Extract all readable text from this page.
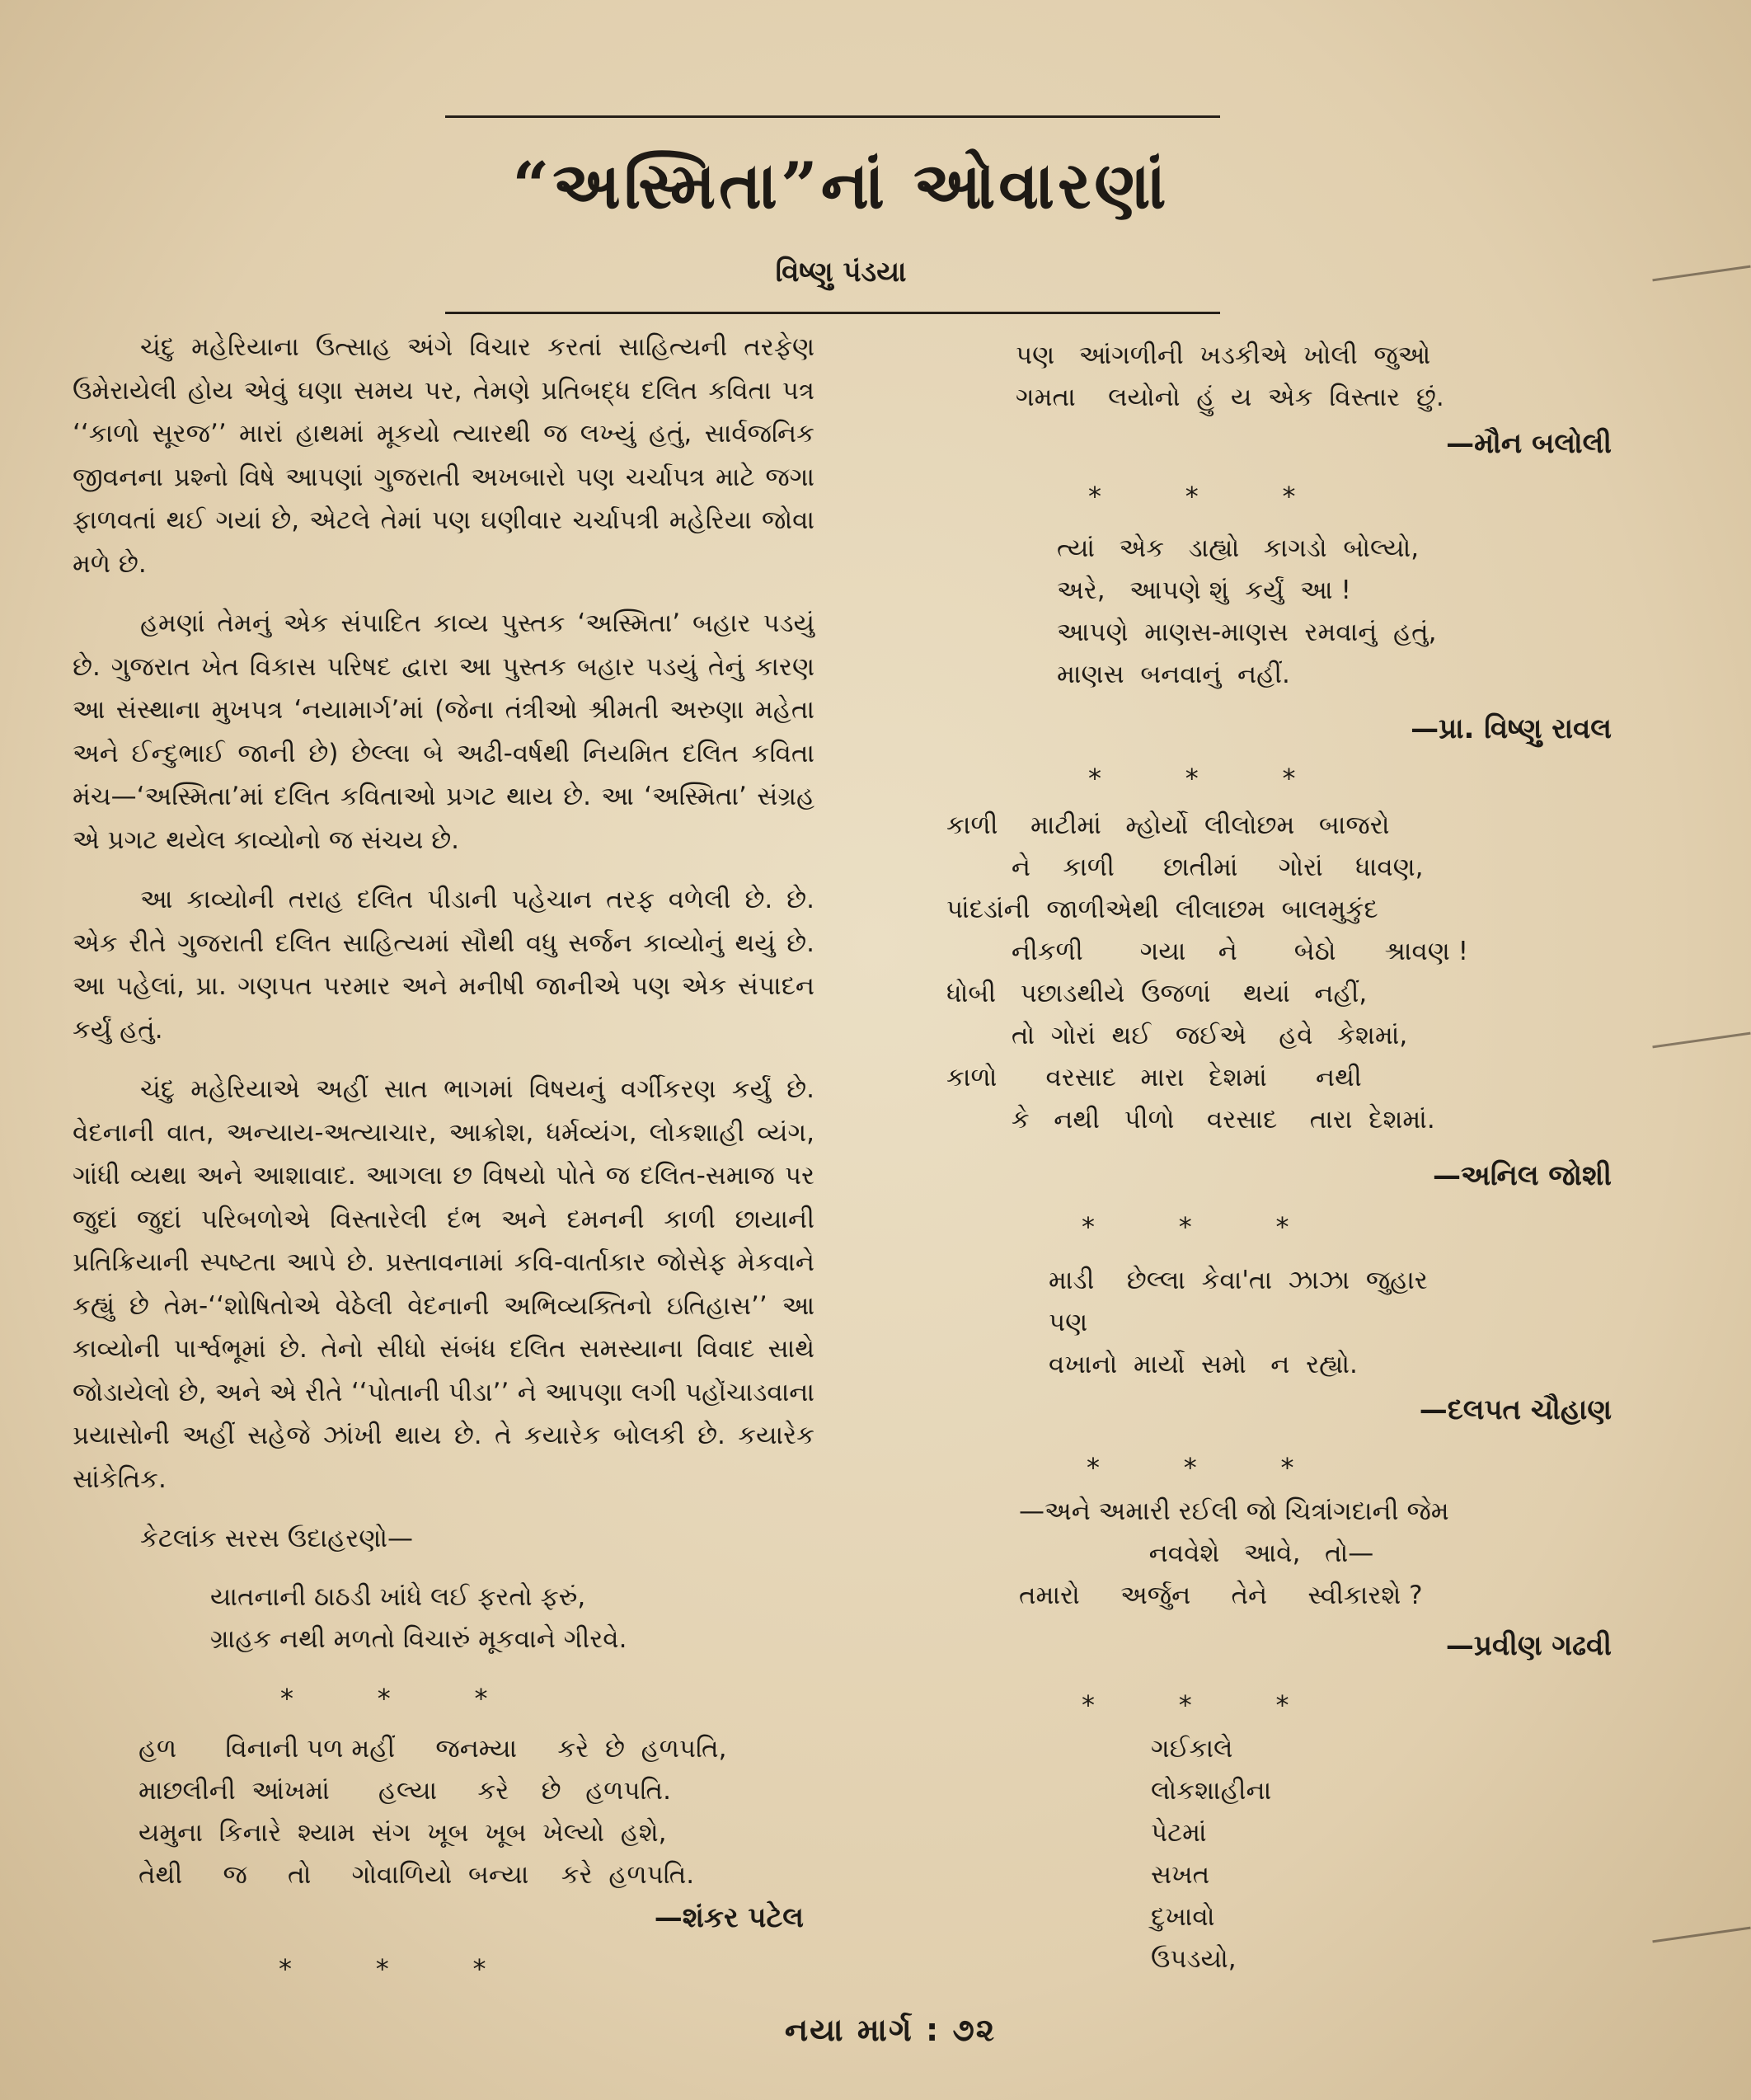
“અસ્મિતા”નાં ઓવારણાં
વિષ્ણુ પંડયા

ચંદુ મહેરિયાના ઉત્સાહ અંગે વિચાર કરતાં સાહિત્યની તરફેણ ઉમેરાયેલી હોય એવું ઘણા સમય પર, તેમણે પ્રતિબદ્ધ દલિત કવિતા પત્ર ‘‘કાળો સૂરજ’’ મારાં હાથમાં મૂકયો ત્યારથી જ લખ્યું હતું, સાર્વજનિક જીવનના પ્રશ્નો વિષે આપણાં ગુજરાતી અખબારો પણ ચર્ચાપત્ર માટે જગા ફાળવતાં થઈ ગયાં છે, એટલે તેમાં પણ ઘણીવાર ચર્ચાપત્રી મહેરિયા જોવા મળે છે.

હમણાં તેમનું એક સંપાદિત કાવ્ય પુસ્તક ‘અસ્મિતા’ બહાર પડયું છે. ગુજરાત ખેત વિકાસ પરિષદ દ્વારા આ પુસ્તક બહાર પડયું તેનું કારણ આ સંસ્થાના મુખપત્ર ‘નયામાર્ગ’માં (જેના તંત્રીઓ શ્રીમતી અરુણા મહેતા અને ઈન્દુભાઈ જાની છે) છેલ્લા બે અઢી-વર્ષથી નિયમિત દલિત કવિતા મંચ—‘અસ્મિતા’માં દલિત કવિતાઓ પ્રગટ થાય છે. આ ‘અસ્મિતા’ સંગ્રહ એ પ્રગટ થયેલ કાવ્યોનો જ સંચય છે.

આ કાવ્યોની તરાહ દલિત પીડાની પહેચાન તરફ વળેલી છે. છે. એક રીતે ગુજરાતી દલિત સાહિત્યમાં સૌથી વધુ સર્જન કાવ્યોનું થયું છે. આ પહેલાં, પ્રા. ગણપત પરમાર અને મનીષી જાનીએ પણ એક સંપાદન કર્યું હતું.

ચંદુ મહેરિયાએ અહીં સાત ભાગમાં વિષયનું વર્ગીકરણ કર્યું છે. વેદનાની વાત, અન્યાય-અત્યાચાર, આક્રોશ, ધર્મવ્યંગ, લોકશાહી વ્યંગ, ગાંધી વ્યથા અને આશાવાદ. આગલા છ વિષયો પોતે જ દલિત-સમાજ પર જુદાં જુદાં પરિબળોએ વિસ્તારેલી દંભ અને દમનની કાળી છાયાની પ્રતિક્રિયાની સ્પષ્ટતા આપે છે. પ્રસ્તાવનામાં કવિ-વાર્તાકાર જોસેફ મેકવાને કહ્યું છે તેમ-‘‘શોષિતોએ વેઠેલી વેદનાની અભિવ્યક્તિનો ઇતિહાસ’’ આ કાવ્યોની પાર્શ્વભૂમાં છે. તેનો સીધો સંબંધ દલિત સમસ્યાના વિવાદ સાથે જોડાયેલો છે, અને એ રીતે ‘‘પોતાની પીડા’’ ને આપણા લગી પહોંચાડવાના પ્રયાસોની અહીં સહેજે ઝાંખી થાય છે. તે કયારેક બોલકી છે. કયારેક સાંકેતિક.

કેટલાંક સરસ ઉદાહરણો—

યાતનાની ઠાઠડી ખાંધે લઈ ફરતો ફરું,
ગ્રાહક નથી મળતો વિચારું મૂકવાને ગીરવે.
*          *          *
હળ      વિનાની પળ મહીં     જનમ્યા     કરે  છે  હળપતિ,
માછલીની  આંખમાં      હલ્યા     કરે    છે   હળપતિ.
યમુના  કિનારે  શ્યામ  સંગ  ખૂબ  ખૂબ  ખેલ્યો  હશે,
તેથી     જ     તો     ગોવાળિયો  બન્યા    કરે  હળપતિ.
—શંકર પટેલ
*          *          *
પણ   આંગળીની  ખડકીએ  ખોલી  જુઓ
ગમતા    લયોનો  હું  ય  એક  વિસ્તાર  છું.
—મૌન બલોલી
*          *          *
ત્યાં   એક   ડાહ્યો   કાગડો  બોલ્યો,
અરે,   આપણે શું  કર્યું  આ !
આપણે  માણસ-માણસ  રમવાનું  હતું,
માણસ  બનવાનું  નહીં.
—પ્રા. વિષ્ણુ રાવલ
*          *          *
કાળી    માટીમાં   મ્હોર્યો  લીલોછમ   બાજરો
ને    કાળી      છાતીમાં     ગોરાં    ધાવણ,
પાંદડાંની  જાળીએથી  લીલાછમ  બાલમુકુંદ
નીકળી       ગયા    ને       બેઠો      શ્રાવણ !
ધોબી   પછાડથીયે  ઉજળાં    થયાં   નહીં,
તો  ગોરાં  થઈ   જઈએ    હવે   કેશમાં,
કાળો      વરસાદ   મારા   દેશમાં      નથી
કે   નથી   પીળો    વરસાદ    તારા  દેશમાં.
—અનિલ જોશી
*          *          *
માડી    છેલ્લા  કેવા'તા  ઝાઝા  જુહાર
પણ
વખાનો  માર્યો  સમો   ન  રહ્યો.
—દલપત ચૌહાણ
*          *          *
—અને અમારી રઈલી જો ચિત્રાંગદાની જેમ
નવવેશે   આવે,   તો—
તમારો     અર્જુન     તેને     સ્વીકારશે ?
—પ્રવીણ ગઢવી
*          *          *
ગઈકાલે
લોકશાહીના
પેટમાં
સખત
દુખાવો
ઉપડયો,
નયા માર્ગ : ૭૨
